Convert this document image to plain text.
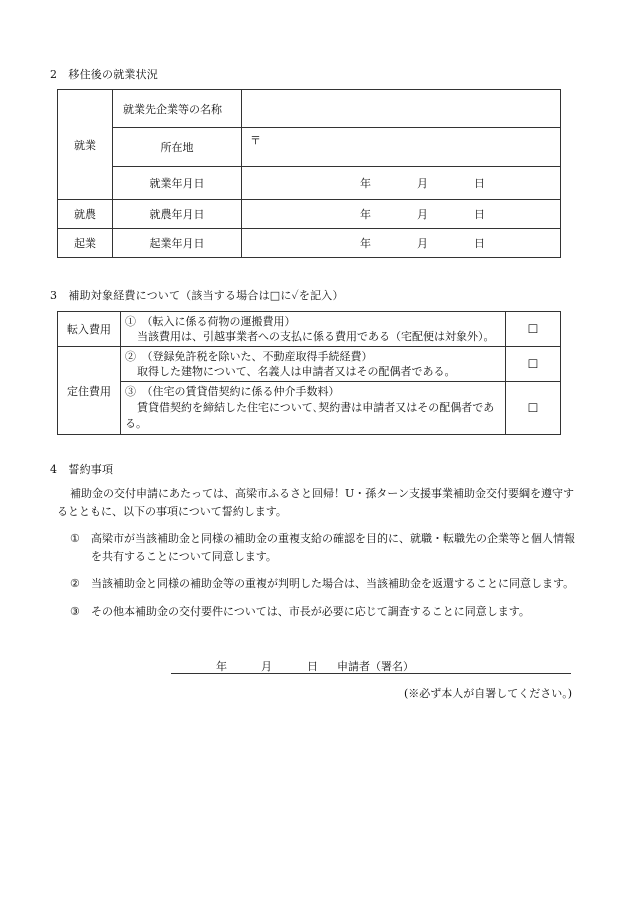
2　移住後の就業状況
就業	就業先企業等の名称	
	所在地	〒
	就業年月日	年 月 日

就農	就農年月日	年 月 日

起業	起業年月日	年 月 日
3　補助対象経費について（該当する場合は□に✓を記入）
転入費用	①　（転入に係る荷物の運搬費用）
当該費用は、引越事業者への支払に係る費用である（宅配便は対象外）。	☐
定住費用	②　（登録免許税を除いた、不動産取得手続経費）
取得した建物について、名義人は申請者又はその配偶者である。	☐

	③　（住宅の賃貸借契約に係る仲介手数料）
賃貸借契約を締結した住宅について､契約書は申請者又はその配偶者であ
る。	☐
4　誓約事項
補助金の交付申請にあたっては、高梁市ふるさと回帰！U・孫ターン支援事業補助金交付要綱を遵守す
るとともに、以下の事項について誓約します。
① 高梁市が当該補助金と同様の補助金の重複支給の確認を目的に、就職・転職先の企業等と個人情報
を共有することについて同意します。
② 当該補助金と同様の補助金等の重複が判明した場合は、当該補助金を返還することに同意します。
③ その他本補助金の交付要件については、市長が必要に応じて調査することに同意します。
年	月	日 申請者（署名）
(※必ず本人が自署してください。)
